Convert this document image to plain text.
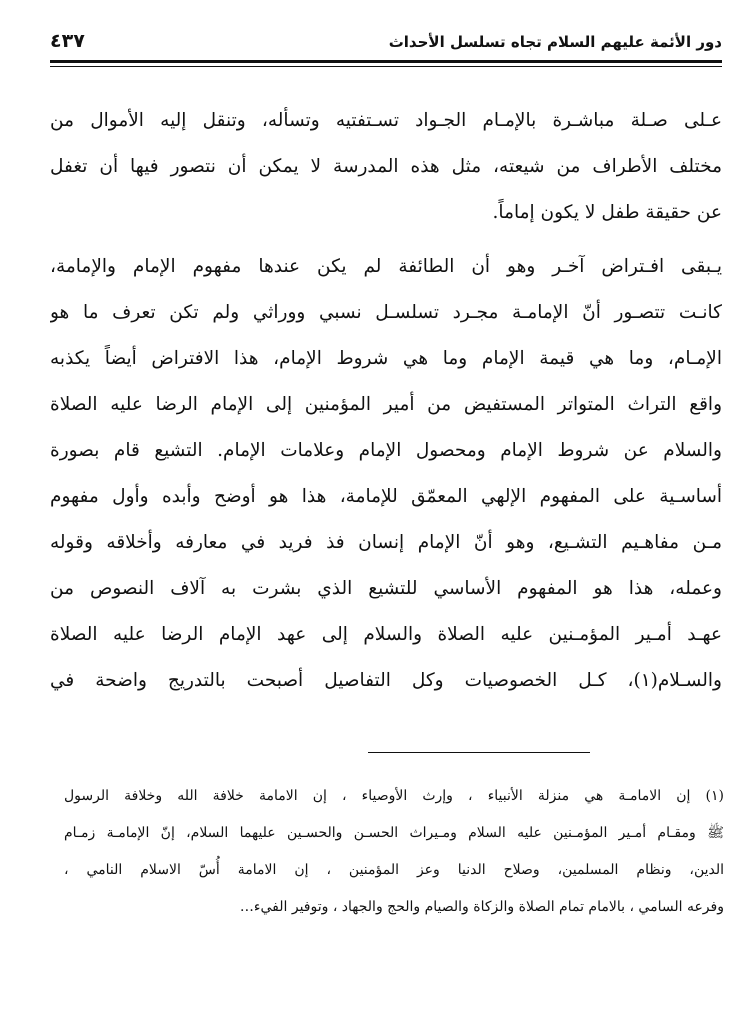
دور الأئمة عليهم السلام تجاه تسلسل الأحداث
٤٣٧
عـلى صـلة مباشـرة بالإمـام الجـواد تسـتفتيه وتسأله، وتنقل إليه الأموال من
مختلف الأطراف من شيعته، مثل هذه المدرسة لا يمكن أن نتصور فيها أن تغفل
عن حقيقة طفل لا يكون إماماً.
يـبقى افـتراض آخـر وهو أن الطائفة لم يكن عندها مفهوم الإمام والإمامة،
كانـت تتصـور أنّ الإمامـة مجـرد تسلسـل نسبي ووراثي ولم تكن تعرف ما هو
الإمـام، وما هي قيمة الإمام وما هي شروط الإمام، هذا الافتراض أيضاً يكذبه
واقع التراث المتواتر المستفيض من أمير المؤمنين إلى الإمام الرضا عليه الصلاة
والسلام عن شروط الإمام ومحصول الإمام وعلامات الإمام. التشيع قام بصورة
أساسـية على المفهوم الإلهي المعمّق للإمامة، هذا هو أوضح وأبده وأول مفهوم
مـن مفاهـيم التشـيع، وهو أنّ الإمام إنسان فذ فريد في معارفه وأخلاقه وقوله
وعمله، هذا هو المفهوم الأساسي للتشيع الذي بشرت به آلاف النصوص من
عهـد أمـير المؤمـنين عليه الصلاة والسلام إلى عهد الإمام الرضا عليه الصلاة
والسـلام(١)، كـل الخصوصيات وكل التفاصيل أصبحت بالتدريج واضحة في
(١) إن الامامـة هي منزلة الأنبياء ، وإرث الأوصياء ، إن الامامة خلافة الله وخلافة الرسول
ﷺ ومقـام أمـير المؤمـنين عليه السلام ومـيراث الحسـن والحسـين عليهما السلام، إنّ الإمامـة زمـام
الدين، ونظام المسلمين، وصلاح الدنيا وعز المؤمنين ، إن الامامة أُسّ الاسلام النامي ،
وفرعه السامي ، بالامام تمام الصلاة والزكاة والصيام والحج والجهاد ، وتوفير الفيء…
